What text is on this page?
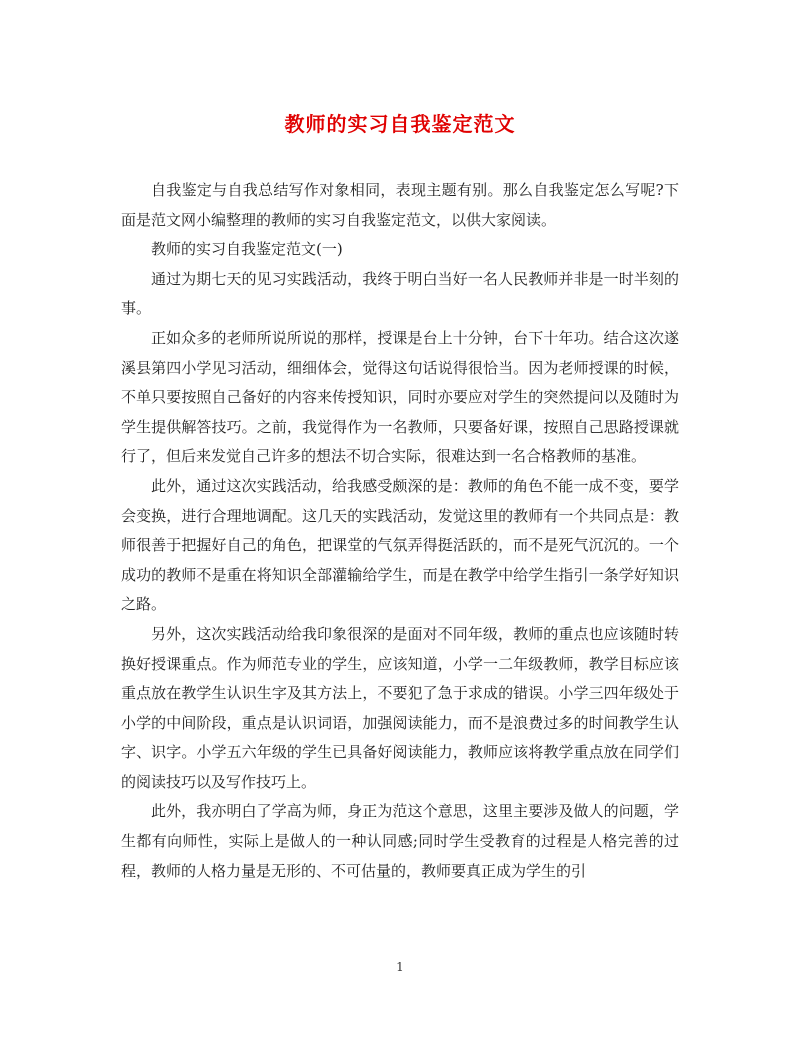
教师的实习自我鉴定范文

自我鉴定与自我总结写作对象相同，表现主题有别。那么自我鉴定怎么写呢?下面是范文网小编整理的教师的实习自我鉴定范文，以供大家阅读。

教师的实习自我鉴定范文(一)

通过为期七天的见习实践活动，我终于明白当好一名人民教师并非是一时半刻的事。

正如众多的老师所说所说的那样，授课是台上十分钟，台下十年功。结合这次遂溪县第四小学见习活动，细细体会，觉得这句话说得很恰当。因为老师授课的时候，不单只要按照自己备好的内容来传授知识，同时亦要应对学生的突然提问以及随时为学生提供解答技巧。之前，我觉得作为一名教师，只要备好课，按照自己思路授课就行了，但后来发觉自己许多的想法不切合实际，很难达到一名合格教师的基准。

此外，通过这次实践活动，给我感受颇深的是：教师的角色不能一成不变，要学会变换，进行合理地调配。这几天的实践活动，发觉这里的教师有一个共同点是：教师很善于把握好自己的角色，把课堂的气氛弄得挺活跃的，而不是死气沉沉的。一个成功的教师不是重在将知识全部灌输给学生，而是在教学中给学生指引一条学好知识之路。

另外，这次实践活动给我印象很深的是面对不同年级，教师的重点也应该随时转换好授课重点。作为师范专业的学生，应该知道，小学一二年级教师，教学目标应该重点放在教学生认识生字及其方法上，不要犯了急于求成的错误。小学三四年级处于小学的中间阶段，重点是认识词语，加强阅读能力，而不是浪费过多的时间教学生认字、识字。小学五六年级的学生已具备好阅读能力，教师应该将教学重点放在同学们的阅读技巧以及写作技巧上。

此外，我亦明白了学高为师，身正为范这个意思，这里主要涉及做人的问题，学生都有向师性，实际上是做人的一种认同感;同时学生受教育的过程是人格完善的过程，教师的人格力量是无形的、不可估量的，教师要真正成为学生的引

1
